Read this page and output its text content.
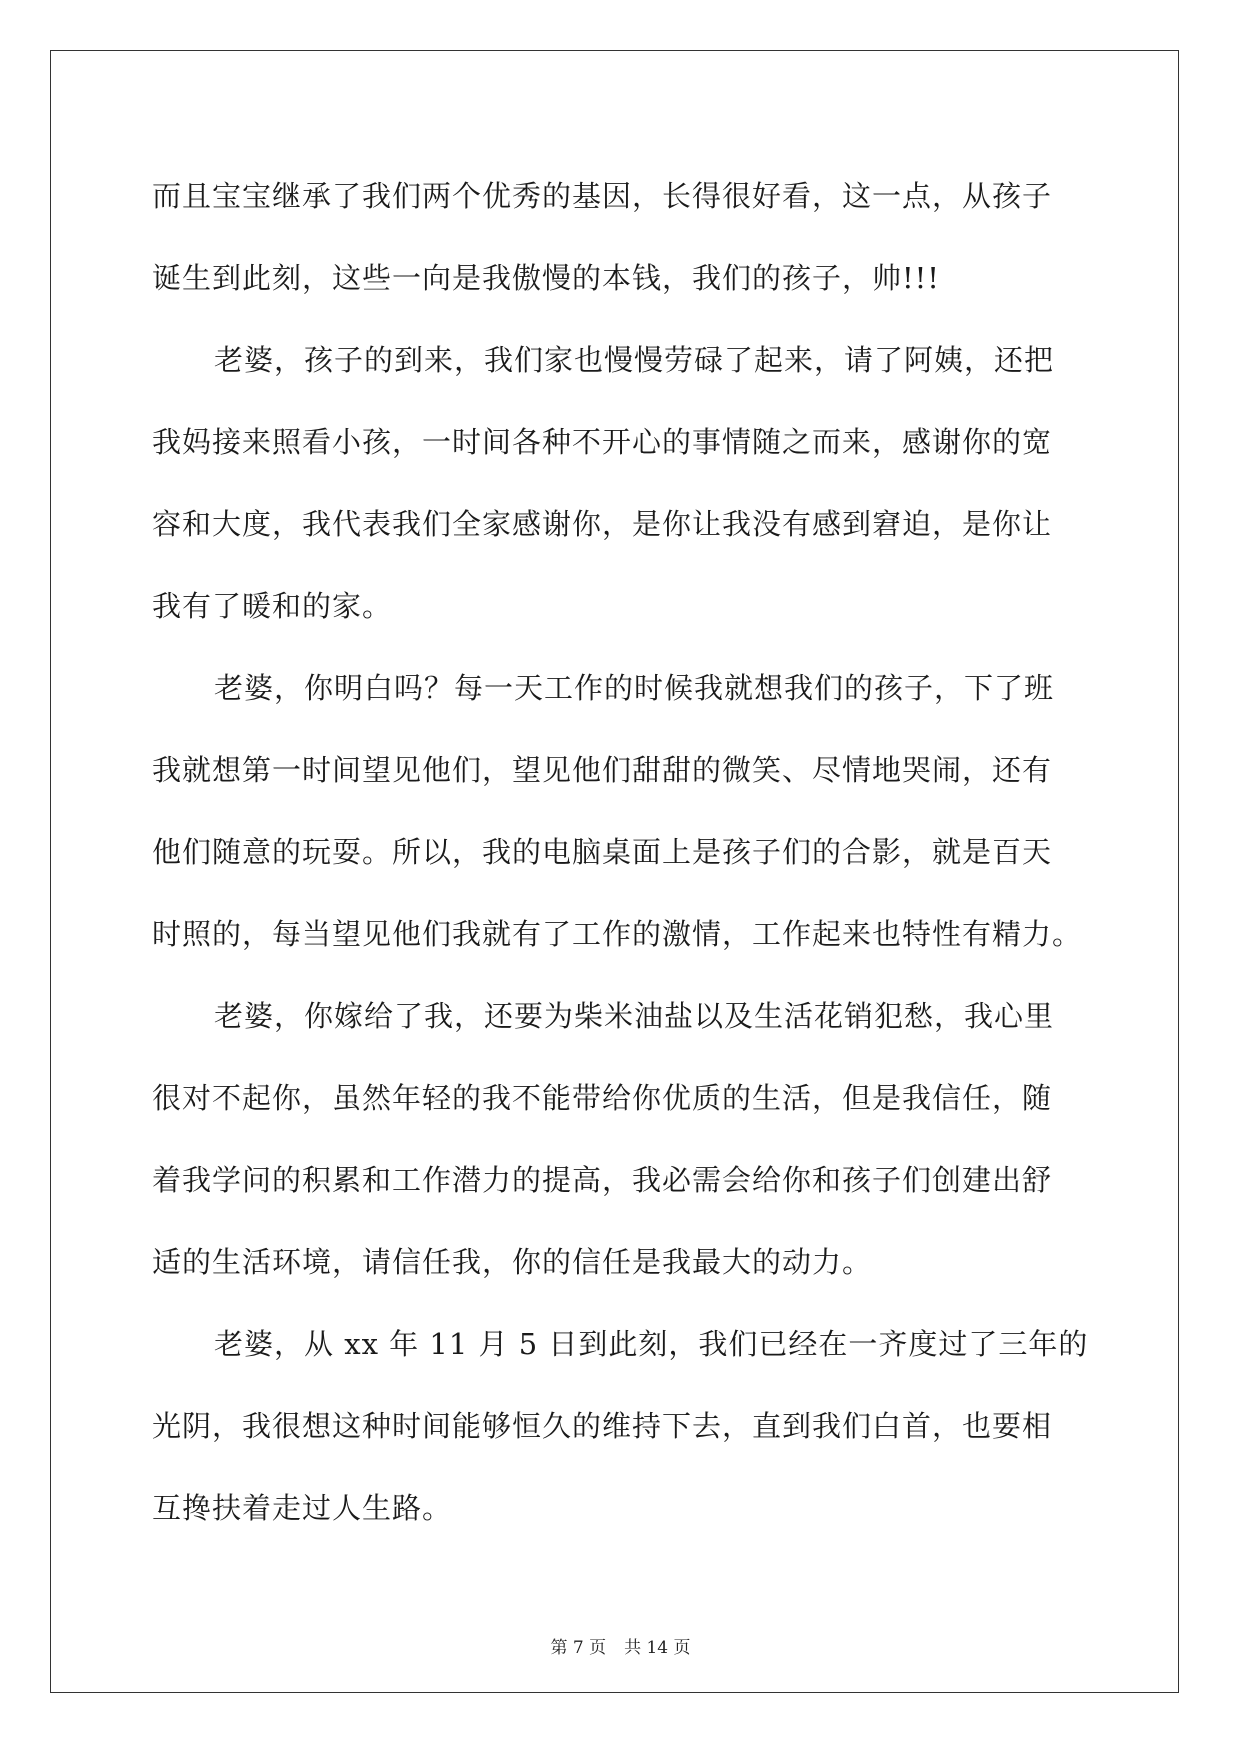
而且宝宝继承了我们两个优秀的基因，长得很好看，这一点，从孩子
诞生到此刻，这些一向是我傲慢的本钱，我们的孩子，帅!!!
老婆，孩子的到来，我们家也慢慢劳碌了起来，请了阿姨，还把
我妈接来照看小孩，一时间各种不开心的事情随之而来，感谢你的宽
容和大度，我代表我们全家感谢你，是你让我没有感到窘迫，是你让
我有了暖和的家。
老婆，你明白吗？每一天工作的时候我就想我们的孩子，下了班
我就想第一时间望见他们，望见他们甜甜的微笑、尽情地哭闹，还有
他们随意的玩耍。所以，我的电脑桌面上是孩子们的合影，就是百天
时照的，每当望见他们我就有了工作的激情，工作起来也特性有精力。
老婆，你嫁给了我，还要为柴米油盐以及生活花销犯愁，我心里
很对不起你，虽然年轻的我不能带给你优质的生活，但是我信任，随
着我学问的积累和工作潜力的提高，我必需会给你和孩子们创建出舒
适的生活环境，请信任我，你的信任是我最大的动力。
老婆，从 xx 年 11 月 5 日到此刻，我们已经在一齐度过了三年的
光阴，我很想这种时间能够恒久的维持下去，直到我们白首，也要相
互搀扶着走过人生路。
第 7 页 共 14 页
